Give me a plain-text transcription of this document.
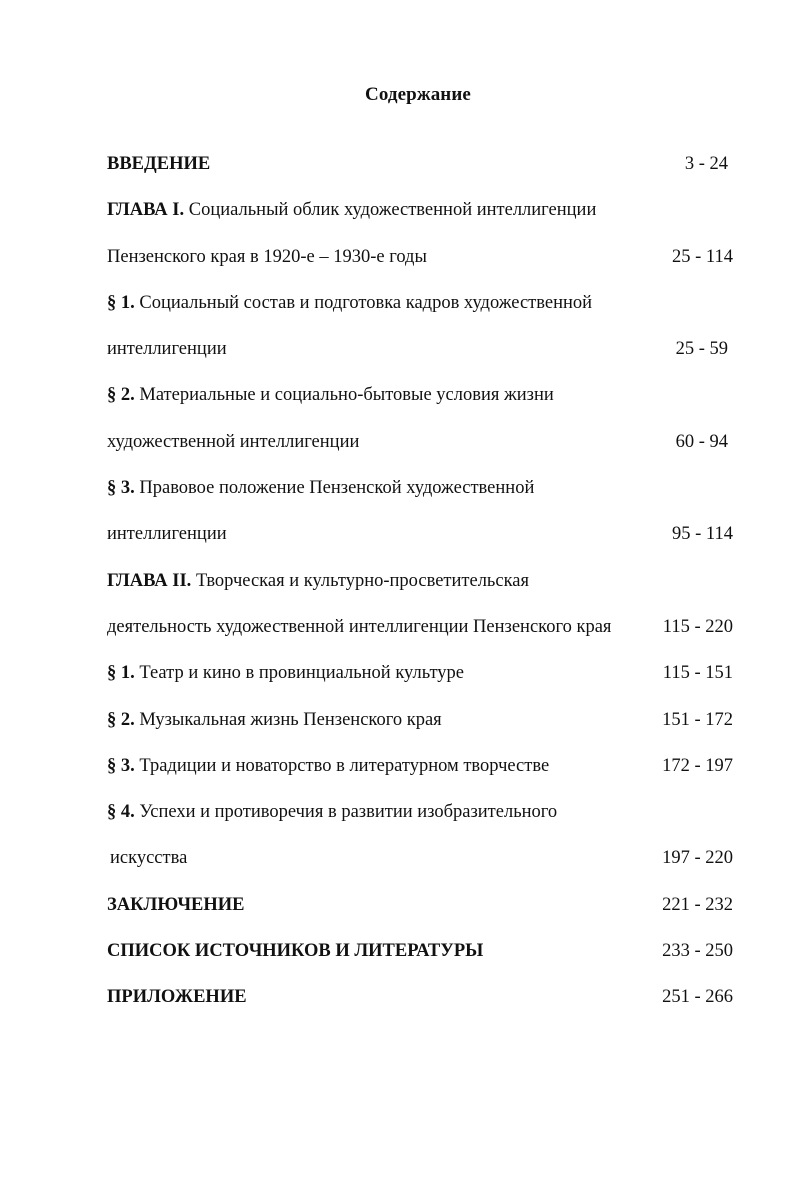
Содержание
ВВЕДЕНИЕ	3 - 24
ГЛАВА I. Социальный облик художественной интеллигенции
Пензенского края в 1920-е – 1930-е годы	25 - 114
§ 1. Социальный состав и подготовка кадров художественной
интеллигенции	25 - 59
§ 2. Материальные и социально-бытовые условия жизни
художественной интеллигенции	60 - 94
§ 3. Правовое положение Пензенской художественной
интеллигенции	95 - 114
ГЛАВА II. Творческая и культурно-просветительская
деятельность художественной интеллигенции Пензенского края	115 - 220
§ 1. Театр и кино в провинциальной культуре	115 - 151
§ 2. Музыкальная жизнь Пензенского края	151 - 172
§ 3. Традиции и новаторство в литературном творчестве	172 - 197
§ 4. Успехи и противоречия в развитии изобразительного
искусства	197 - 220
ЗАКЛЮЧЕНИЕ	221 - 232
СПИСОК ИСТОЧНИКОВ И ЛИТЕРАТУРЫ	233 - 250
ПРИЛОЖЕНИЕ	251 - 266
